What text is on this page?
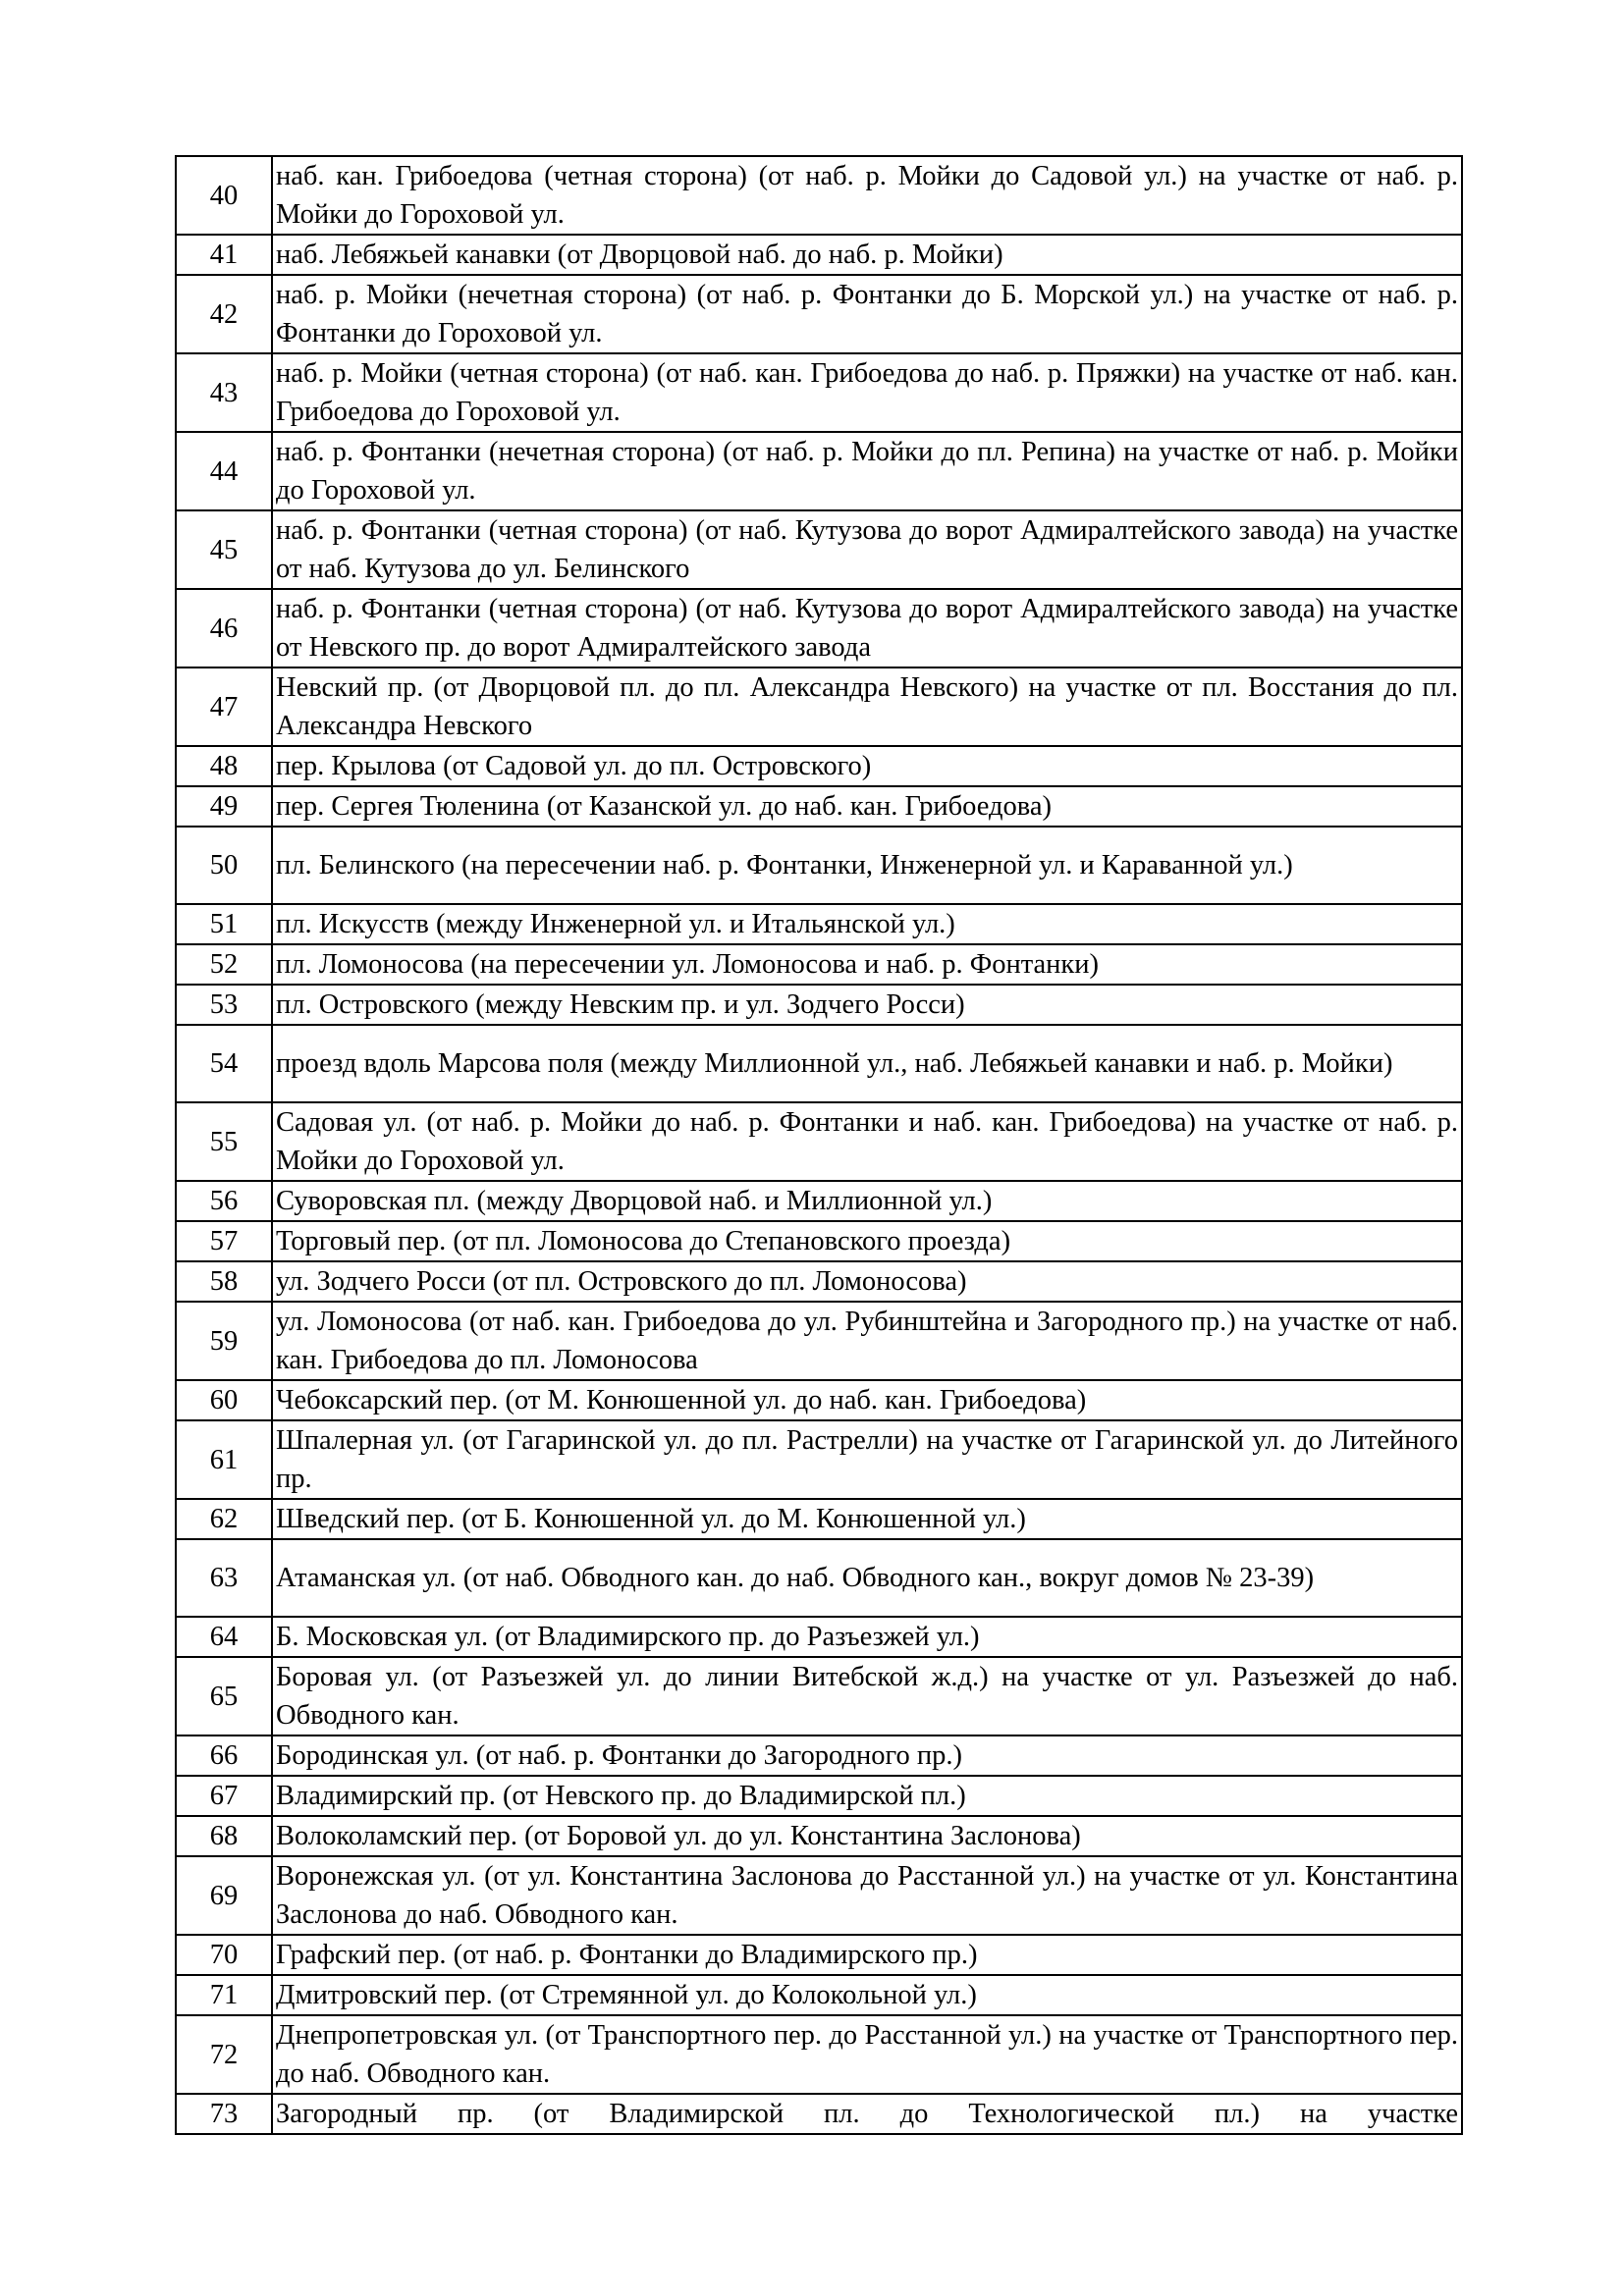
40	наб. кан. Грибоедова (четная сторона) (от наб. р. Мойки до Садовой ул.) на участке от наб. р. Мойки до Гороховой ул.
41	наб. Лебяжьей канавки (от Дворцовой наб. до наб. р. Мойки)
42	наб. р. Мойки (нечетная сторона) (от наб. р. Фонтанки до Б. Морской ул.) на участке от наб. р. Фонтанки до Гороховой ул.
43	наб. р. Мойки (четная сторона) (от наб. кан. Грибоедова до наб. р. Пряжки) на участке от наб. кан. Грибоедова до Гороховой ул.
44	наб. р. Фонтанки (нечетная сторона) (от наб. р. Мойки до пл. Репина) на участке от наб. р. Мойки до Гороховой ул.
45	наб. р. Фонтанки (четная сторона) (от наб. Кутузова до ворот Адмиралтейского завода) на участке от наб. Кутузова до ул. Белинского
46	наб. р. Фонтанки (четная сторона) (от наб. Кутузова до ворот Адмиралтейского завода) на участке от Невского пр. до ворот Адмиралтейского завода
47	Невский пр. (от Дворцовой пл. до пл. Александра Невского) на участке от пл. Восстания до пл. Александра Невского
48	пер. Крылова (от Садовой ул. до пл. Островского)
49	пер. Сергея Тюленина (от Казанской ул. до наб. кан. Грибоедова)
50	пл. Белинского (на пересечении наб. р. Фонтанки, Инженерной ул. и Караванной ул.)
51	пл. Искусств (между Инженерной ул. и Итальянской ул.)
52	пл. Ломоносова (на пересечении ул. Ломоносова и наб. р. Фонтанки)
53	пл. Островского (между Невским пр. и ул. Зодчего Росси)
54	проезд вдоль Марсова поля (между Миллионной ул., наб. Лебяжьей канавки и наб. р. Мойки)
55	Садовая ул. (от наб. р. Мойки до наб. р. Фонтанки и наб. кан. Грибоедова) на участке от наб. р. Мойки до Гороховой ул.
56	Суворовская пл. (между Дворцовой наб. и Миллионной ул.)
57	Торговый пер. (от пл. Ломоносова до Степановского проезда)
58	ул. Зодчего Росси (от пл. Островского до пл. Ломоносова)
59	ул. Ломоносова (от наб. кан. Грибоедова до ул. Рубинштейна и Загородного пр.) на участке от наб. кан. Грибоедова до пл. Ломоносова
60	Чебоксарский пер. (от М. Конюшенной ул. до наб. кан. Грибоедова)
61	Шпалерная ул. (от Гагаринской ул. до пл. Растрелли) на участке от Гагаринской ул. до Литейного пр.
62	Шведский пер. (от Б. Конюшенной ул. до М. Конюшенной ул.)
63	Атаманская ул. (от наб. Обводного кан. до наб. Обводного кан., вокруг домов № 23-39)
64	Б. Московская ул. (от Владимирского пр. до Разъезжей ул.)
65	Боровая ул. (от Разъезжей ул. до линии Витебской ж.д.) на участке от ул. Разъезжей до наб. Обводного кан.
66	Бородинская ул. (от наб. р. Фонтанки до Загородного пр.)
67	Владимирский пр. (от Невского пр. до Владимирской пл.)
68	Волоколамский пер. (от Боровой ул. до ул. Константина Заслонова)
69	Воронежская ул. (от ул. Константина Заслонова до Расстанной ул.) на участке от ул. Константина Заслонова до наб. Обводного кан.
70	Графский пер. (от наб. р. Фонтанки до Владимирского пр.)
71	Дмитровский пер. (от Стремянной ул. до Колокольной ул.)
72	Днепропетровская ул. (от Транспортного пер. до Расстанной ул.) на участке от Транспортного пер. до наб. Обводного кан.
73	Загородный пр. (от Владимирской пл. до Технологической пл.) на участке
